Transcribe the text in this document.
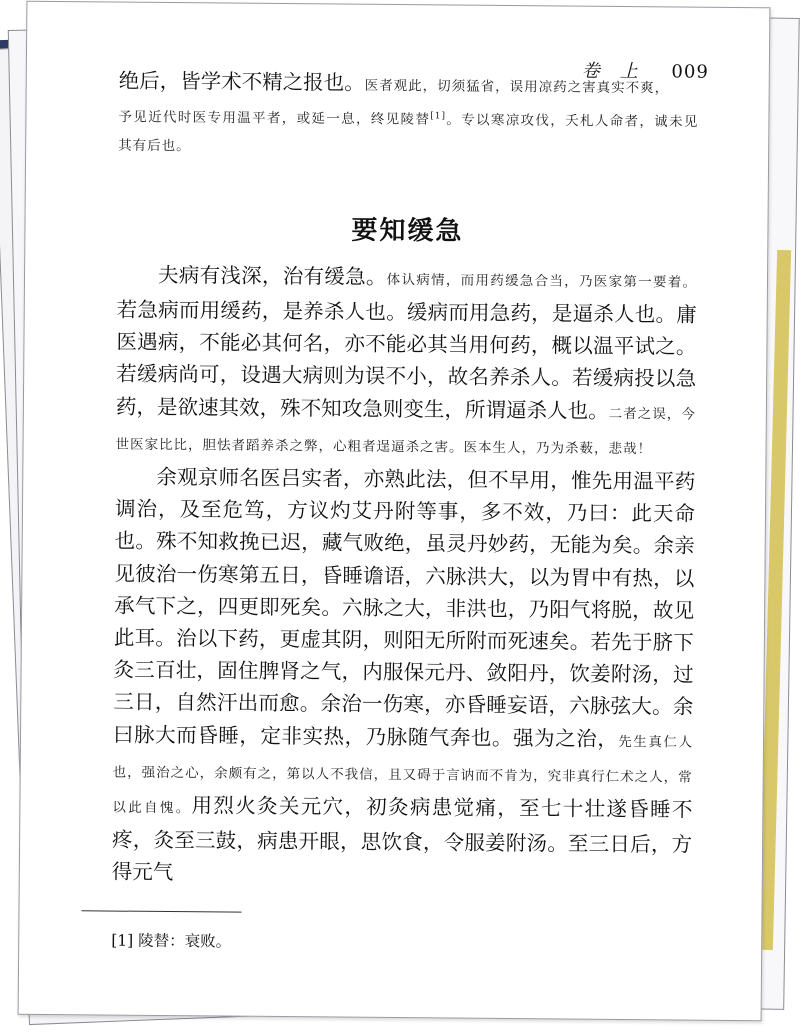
卷　上 009

绝后，皆学术不精之报也。医者观此，切须猛省，误用凉药之害真实不爽，

予见近代时医专用温平者，或延一息，终见陵替[1]。专以寒凉攻伐，夭札人命者，诚未见其有后也。

要知缓急

夫病有浅深，治有缓急。体认病情，而用药缓急合当，乃医家第一要着。若急病而用缓药，是养杀人也。缓病而用急药，是逼杀人也。庸医遇病，不能必其何名，亦不能必其当用何药，概以温平试之。若缓病尚可，设遇大病则为误不小，故名养杀人。若缓病投以急药，是欲速其效，殊不知攻急则变生，所谓逼杀人也。二者之误，今世医家比比，胆怯者蹈养杀之弊，心粗者逞逼杀之害。医本生人，乃为杀薮，悲哉！

余观京师名医吕实者，亦熟此法，但不早用，惟先用温平药调治，及至危笃，方议灼艾丹附等事，多不效，乃曰：此天命也。殊不知救挽已迟，藏气败绝，虽灵丹妙药，无能为矣。余亲见彼治一伤寒第五日，昏睡谵语，六脉洪大，以为胃中有热，以承气下之，四更即死矣。六脉之大，非洪也，乃阳气将脱，故见此耳。治以下药，更虚其阴，则阳无所附而死速矣。若先于脐下灸三百壮，固住脾肾之气，内服保元丹、敛阳丹，饮姜附汤，过三日，自然汗出而愈。余治一伤寒，亦昏睡妄语，六脉弦大。余曰脉大而昏睡，定非实热，乃脉随气奔也。强为之治，先生真仁人也，强治之心，余颇有之，第以人不我信，且又碍于言讷而不肯为，究非真行仁术之人，常以此自愧。用烈火灸关元穴，初灸病患觉痛，至七十壮遂昏睡不疼，灸至三鼓，病患开眼，思饮食，令服姜附汤。至三日后，方得元气

[1] 陵替：衰败。
